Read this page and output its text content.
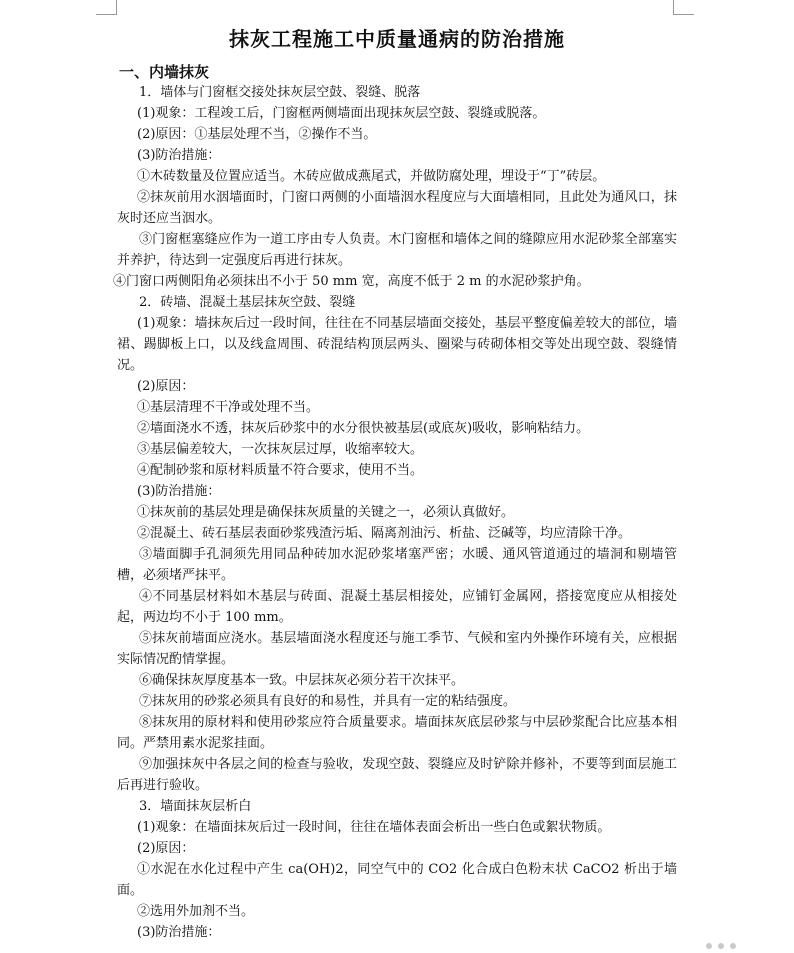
抹灰工程施工中质量通病的防治措施

一、内墙抹灰

1．墙体与门窗框交接处抹灰层空鼓、裂缝、脱落

(1)观象：工程竣工后，门窗框两侧墙面出现抹灰层空鼓、裂缝或脱落。

(2)原因：①基层处理不当，②操作不当。

(3)防治措施：

①木砖数量及位置应适当。木砖应做成燕尾式，并做防腐处理，埋设于“丁”砖层。

②抹灰前用水洇墙面时，门窗口两侧的小面墙洇水程度应与大面墙相同，且此处为通风口，抹灰时还应当洇水。

③门窗框塞缝应作为一道工序由专人负责。木门窗框和墙体之间的缝隙应用水泥砂浆全部塞实并养护，待达到一定强度后再进行抹灰。

④门窗口两侧阳角必须抹出不小于 50 mm 宽，高度不低于 2 m 的水泥砂浆护角。

2．砖墙、混凝土基层抹灰空鼓、裂缝

(1)观象：墙抹灰后过一段时间，往往在不同基层墙面交接处，基层平整度偏差较大的部位，墙裙、踢脚板上口，以及线盒周围、砖混结构顶层两头、圈梁与砖砌体相交等处出现空鼓、裂缝情况。

(2)原因：

①基层清理不干净或处理不当。

②墙面浇水不透，抹灰后砂浆中的水分很快被基层(或底灰)吸收，影响粘结力。

③基层偏差较大，一次抹灰层过厚，收缩率较大。

④配制砂浆和原材料质量不符合要求，使用不当。

(3)防治措施：

①抹灰前的基层处理是确保抹灰质量的关键之一，必须认真做好。

②混凝土、砖石基层表面砂浆残渣污垢、隔离剂油污、析盐、泛碱等，均应清除干净。

③墙面脚手孔洞须先用同品种砖加水泥砂浆堵塞严密；水暖、通风管道通过的墙洞和剔墙管槽，必须堵严抹平。

④不同基层材料如木基层与砖面、混凝土基层相接处，应铺钉金属网，搭接宽度应从相接处起，两边均不小于 100 mm。

⑤抹灰前墙面应浇水。基层墙面浇水程度还与施工季节、气候和室内外操作环境有关，应根据实际情况酌情掌握。

⑥确保抹灰厚度基本一致。中层抹灰必须分若干次抹平。

⑦抹灰用的砂浆必须具有良好的和易性，并具有一定的粘结强度。

⑧抹灰用的原材料和使用砂浆应符合质量要求。墙面抹灰底层砂浆与中层砂浆配合比应基本相同。严禁用素水泥浆挂面。

⑨加强抹灰中各层之间的检查与验收，发现空鼓、裂缝应及时铲除并修补，不要等到面层施工后再进行验收。

3．墙面抹灰层析白

(1)观象：在墙面抹灰后过一段时间，往往在墙体表面会析出一些白色或絮状物质。

(2)原因：

①水泥在水化过程中产生 ca(OH)2，同空气中的 CO2 化合成白色粉末状 CaCO2 析出于墙面。

②选用外加剂不当。

(3)防治措施：
